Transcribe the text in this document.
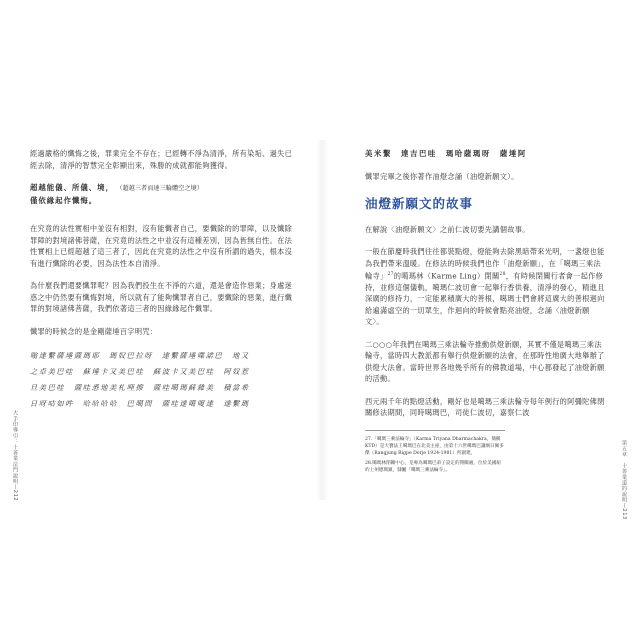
經過嚴格的懺悔之後，罪業完全不存在；已經轉不淨為清淨，所有染垢、過失已經去除，清淨的智慧完全彰顯出來，殊勝的成就都能夠獲得。

超越能儀、所儀、境， （超越三者而達三輪體空之境）
僅依緣起作懺悔。

在究竟的法性實相中並沒有相對，沒有能懺者自己，要懺除的的罪障，以及懺除罪障的對境諸佛菩薩，在究竟的法性之中並沒有這種差別，因為皆無自性。在法性實相上已經超越了這三者了，因此在究竟的法性之中沒有所謂的過失，根本沒有進行懺除的必要，因為法性本自清淨。

為什麼我們還要懺罪呢？因為我們投生在不淨的六道，還是會造作惡業；身處迷惑之中仍然要有懺悔對境，所以就有了能夠懺罪者自己，要懺除的惡業，進行懺罪的對境諸佛菩薩，我們依著這三者的因緣緣起作懺罪。

懺罪的時候念的是金剛薩埵百字明咒：

嗡達繫薩埵薩瑪耶　瑪奴巴拉呀　達繫薩埵喋諾巴　地又
之卓美巴哇　蘇埵卡又美巴哇　蘇波卡又美巴哇　阿奴惹
旦美巴哇　薩哇悉地美札哩擦　薩哇噶瑪蘇雜美　積當希
日呀咕如吽　哈哈哈哈　巴噶問　薩哇達噶嗄達　達繫瑪
大手印導引：十善業法門說明—212
美米繫　達吉巴哇　瑪哈薩瑪呀　薩埵阿

懺罪完畢之後你著作油燈念誦（油燈新願文）。

油燈新願文的故事

在解說〈油燈新願文〉之前仁波切要先講個故事。

一般在節慶時我們往往都裝點燈，燈能夠去除黑暗帶來光明，一盞燈也能為我們帶來溫暖。在修法的時候我們也作「油燈新願」，在「噶瑪三乘法輪寺」$^{27}$的噶瑪林（Karme Ling）閉關$^{28}$，有時候閉關行者會一起作修持，並修這個儀軌，噶瑪仁波切會一起舉行香供養，清淨的發心，精進且深廣的修持力，一定能累積廣大的善根，噶瑪士們會將這廣大的善根迴向給遍滿虛空的一切眾生，作迴向的時候會點亮油燈，念誦〈油燈新願文〉。

二○○○年我們在噶瑪三乘法輪寺推動供燈新願，其實不僅是噶瑪三乘法輪寺，當時四大教派都有舉行供燈新願的法會，在那時性地廣大地舉辦了供燈大法會。當時世界各地幾乎所有的佛教道場，中心都發起了油燈新願的活動。

西元兩千年的點燈活動，剛好也是噶瑪三乘法輪寺每年例行的阿彌陀佛閉關修法期間，同時噶瑪巴，司徒仁波切，嘉察仁波

27.「噶瑪三乘法輪寺」（Karma Triyana Dharmachakra，簡稱KTD）是大寶法王噶瑪巴在北美主座，由第十六世噶瑪巴讓炯日佩多傑（Rangjung Rigpe Dorje 1924-1981）所創建。

28.噶瑪林閉關中心，是專為噶瑪巴弟子設定的閉關處，位於美國紐約上州德瑪鎮，隸屬「噶瑪三乘法輪寺」。	第五章　十善業道的說明—213
